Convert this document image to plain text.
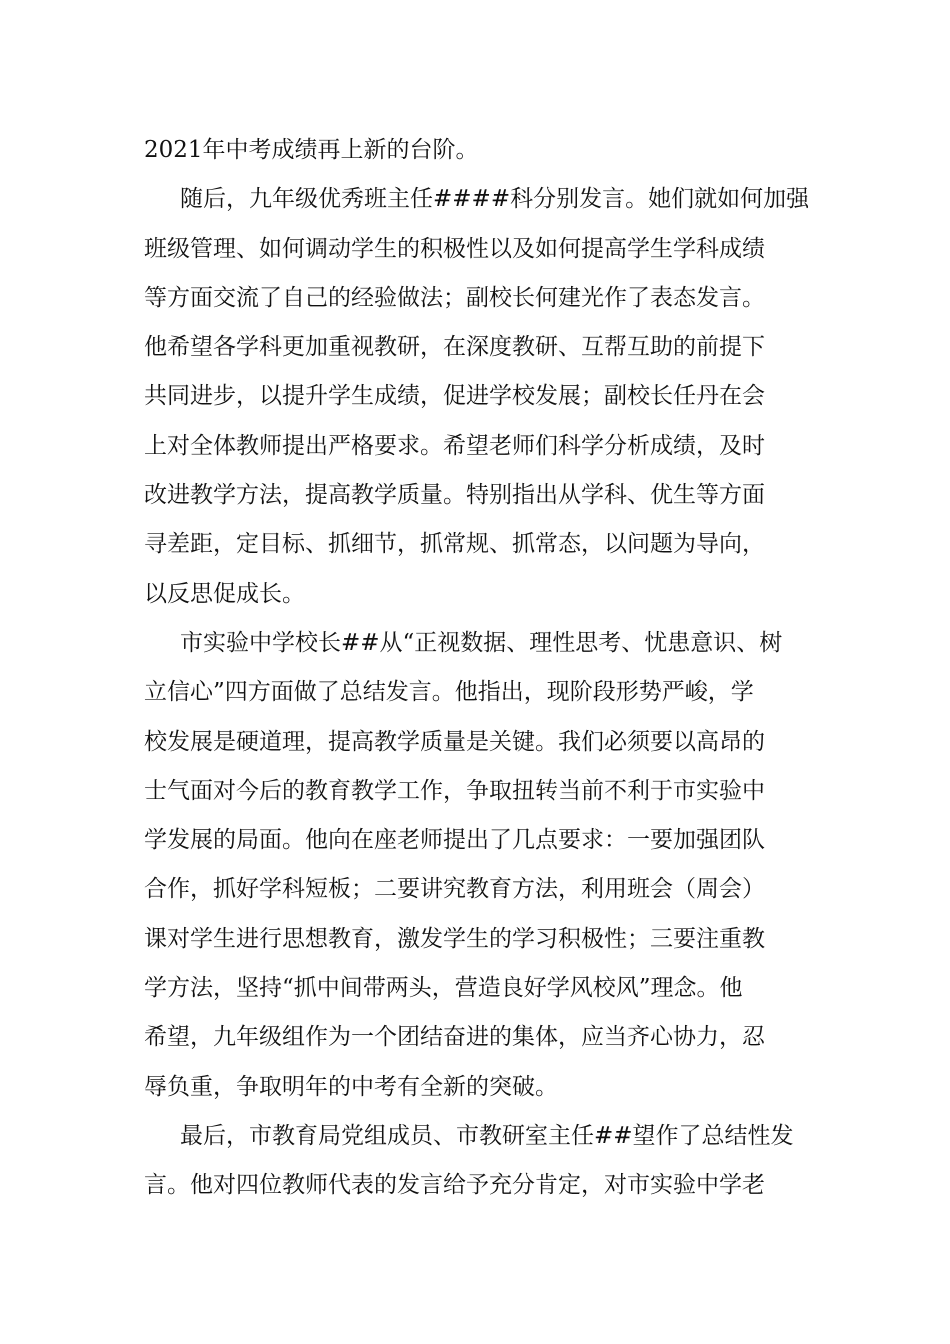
2021年中考成绩再上新的台阶。
随后，九年级优秀班主任####科分别发言。她们就如何加强
班级管理、如何调动学生的积极性以及如何提高学生学科成绩
等方面交流了自己的经验做法；副校长何建光作了表态发言。
他希望各学科更加重视教研，在深度教研、互帮互助的前提下
共同进步，以提升学生成绩，促进学校发展；副校长任丹在会
上对全体教师提出严格要求。希望老师们科学分析成绩，及时
改进教学方法，提高教学质量。特别指出从学科、优生等方面
寻差距，定目标、抓细节，抓常规、抓常态，以问题为导向，
以反思促成长。
市实验中学校长##从“正视数据、理性思考、忧患意识、树
立信心”四方面做了总结发言。他指出，现阶段形势严峻，学
校发展是硬道理，提高教学质量是关键。我们必须要以高昂的
士气面对今后的教育教学工作，争取扭转当前不利于市实验中
学发展的局面。他向在座老师提出了几点要求：一要加强团队
合作，抓好学科短板；二要讲究教育方法，利用班会（周会）
课对学生进行思想教育，激发学生的学习积极性；三要注重教
学方法，坚持“抓中间带两头，营造良好学风校风”理念。他
希望，九年级组作为一个团结奋进的集体，应当齐心协力，忍
辱负重，争取明年的中考有全新的突破。
最后，市教育局党组成员、市教研室主任##望作了总结性发
言。他对四位教师代表的发言给予充分肯定，对市实验中学老
